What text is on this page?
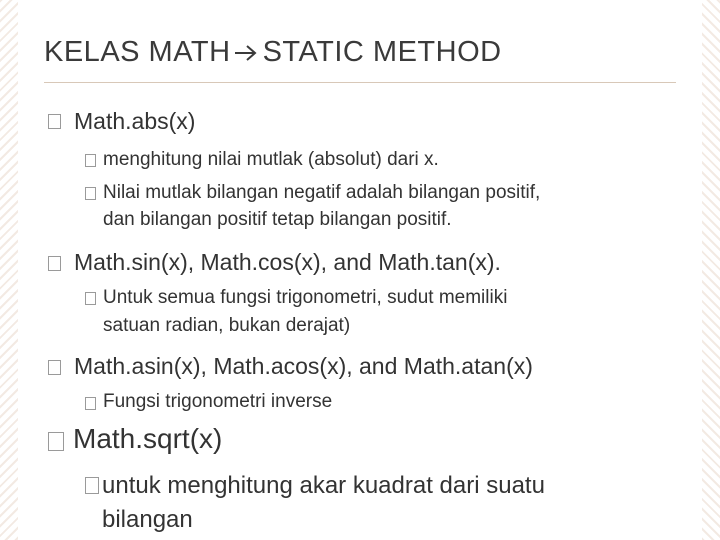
KELAS MATH STATIC METHOD
Math.abs(x)
menghitung nilai mutlak (absolut) dari x.
Nilai mutlak bilangan negatif adalah bilangan positif,
dan bilangan positif tetap bilangan positif.
Math.sin(x), Math.cos(x), and Math.tan(x).
Untuk semua fungsi trigonometri, sudut memiliki
satuan radian, bukan derajat)
Math.asin(x), Math.acos(x), and Math.atan(x)
Fungsi trigonometri inverse
Math.sqrt(x)
untuk menghitung akar kuadrat dari suatu
bilangan
